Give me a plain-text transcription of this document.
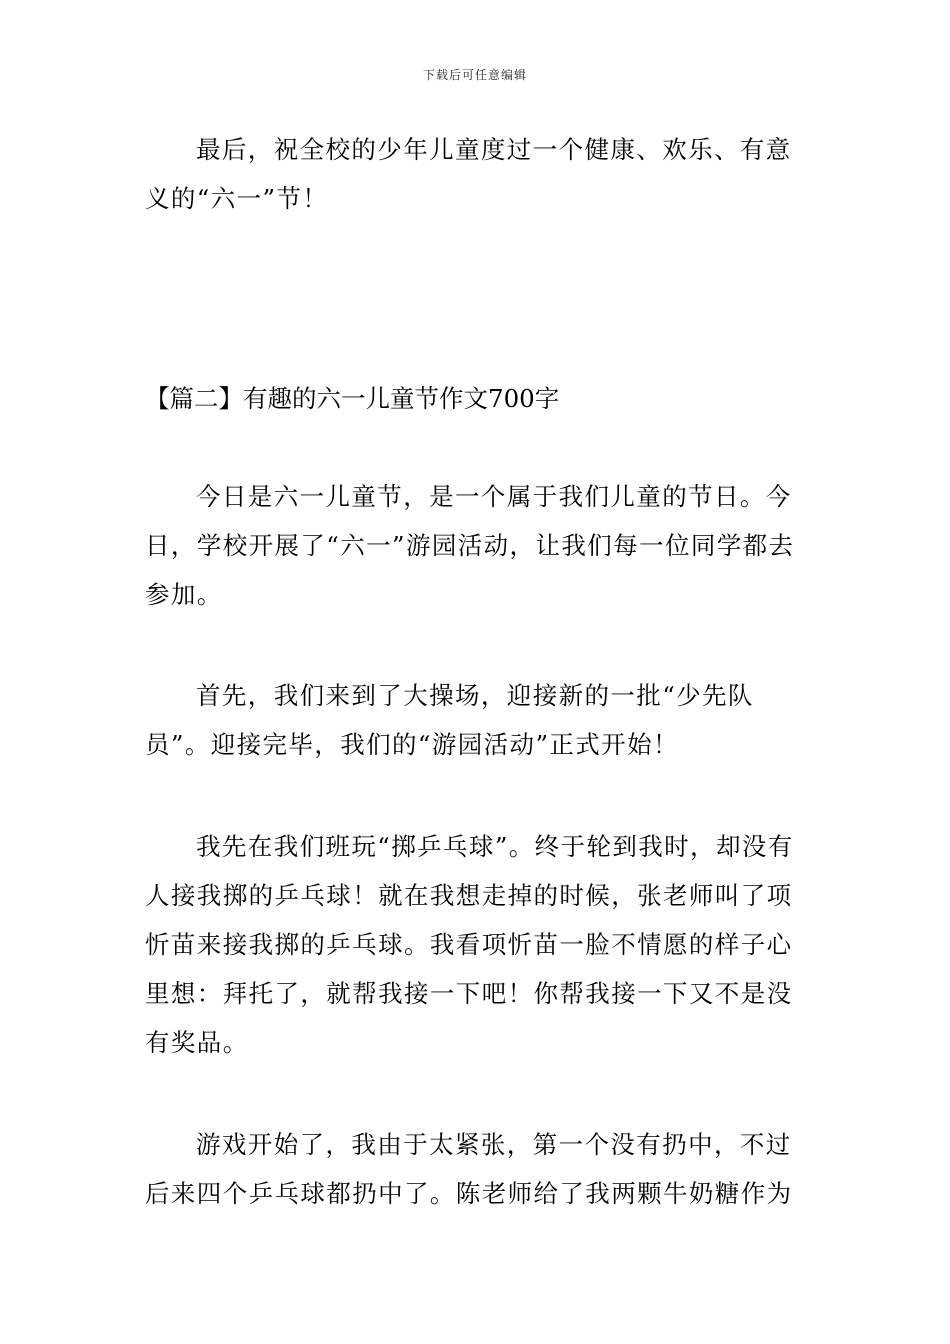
下载后可任意编辑

最后，祝全校的少年儿童度过一个健康、欢乐、有意义的“六一”节！

【篇二】有趣的六一儿童节作文700字

今日是六一儿童节，是一个属于我们儿童的节日。今日，学校开展了“六一”游园活动，让我们每一位同学都去参加。

首先，我们来到了大操场，迎接新的一批“少先队员”。迎接完毕，我们的“游园活动”正式开始！

我先在我们班玩“掷乒乓球”。终于轮到我时，却没有人接我掷的乒乓球！就在我想走掉的时候，张老师叫了项忻苗来接我掷的乒乓球。我看项忻苗一脸不情愿的样子心里想：拜托了，就帮我接一下吧！你帮我接一下又不是没有奖品。

游戏开始了，我由于太紧张，第一个没有扔中，不过后来四个乒乓球都扔中了。陈老师给了我两颗牛奶糖作为
